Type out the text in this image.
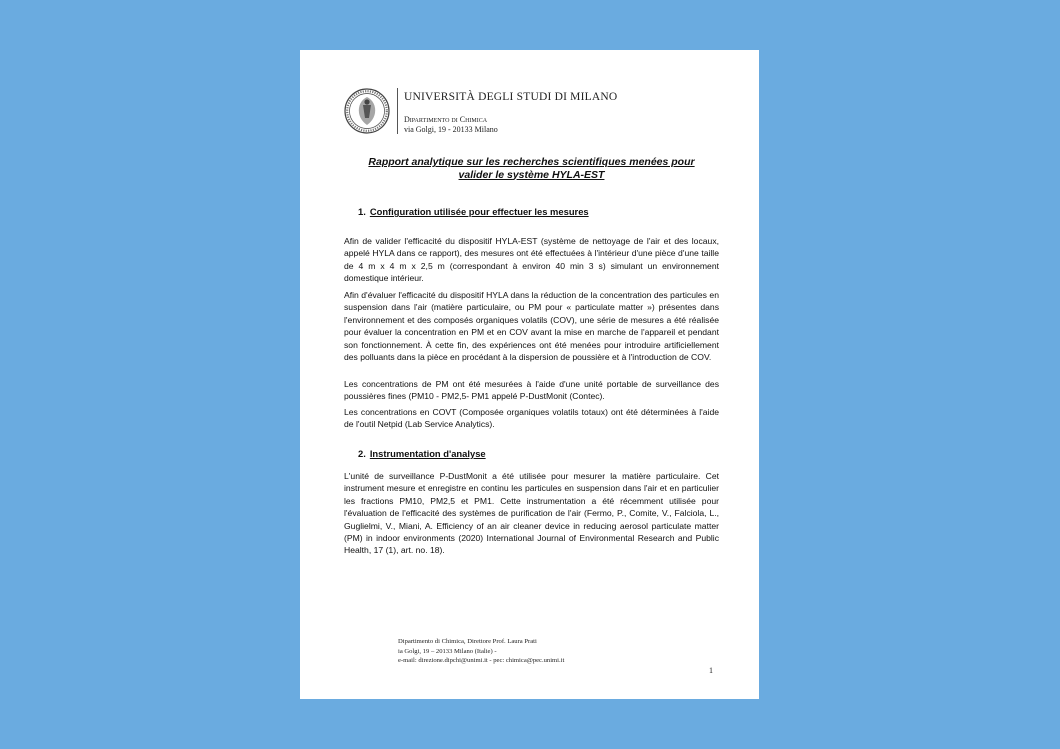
UNIVERSITÀ DEGLI STUDI DI MILANO
Dipartimento di Chimica
via Golgi, 19 - 20133 Milano
Rapport analytique sur les recherches scientifiques menées pour
valider le système HYLA-EST
1. Configuration utilisée pour effectuer les mesures

Afin de valider l'efficacité du dispositif HYLA-EST (système de nettoyage de l'air et des locaux, appelé HYLA dans ce rapport), des mesures ont été effectuées à l'intérieur d'une pièce d'une taille de 4 m x 4 m x 2,5 m (correspondant à environ 40 min 3 s) simulant un environnement domestique intérieur.

Afin d'évaluer l'efficacité du dispositif HYLA dans la réduction de la concentration des particules en suspension dans l'air (matière particulaire, ou PM pour « particulate matter ») présentes dans l'environnement et des composés organiques volatils (COV), une série de mesures a été réalisée pour évaluer la concentration en PM et en COV avant la mise en marche de l'appareil et pendant son fonctionnement. À cette fin, des expériences ont été menées pour introduire artificiellement des polluants dans la pièce en procédant à la dispersion de poussière et à l'introduction de COV.

Les concentrations de PM ont été mesurées à l'aide d'une unité portable de surveillance des poussières fines (PM10 - PM2,5- PM1 appelé P-DustMonit (Contec).

Les concentrations en COVT (Composée organiques volatils totaux) ont été déterminées à l'aide de l'outil Netpid (Lab Service Analytics).

2. Instrumentation d'analyse

L'unité de surveillance P-DustMonit a été utilisée pour mesurer la matière particulaire. Cet instrument mesure et enregistre en continu les particules en suspension dans l'air et en particulier les fractions PM10, PM2,5 et PM1. Cette instrumentation a été récemment utilisée pour l'évaluation de l'efficacité des systèmes de purification de l'air (Fermo, P., Comite, V., Falciola, L., Guglielmi, V., Miani, A. Efficiency of an air cleaner device in reducing aerosol particulate matter (PM) in indoor environments (2020) International Journal of Environmental Research and Public Health, 17 (1), art. no. 18).

Dipartimento di Chimica, Direttore Prof. Laura Prati
ia Golgi, 19 – 20133 Milano (Italie) -
e-mail: direzione.dipchi@unimi.it - pec: chimica@pec.unimi.it
1
